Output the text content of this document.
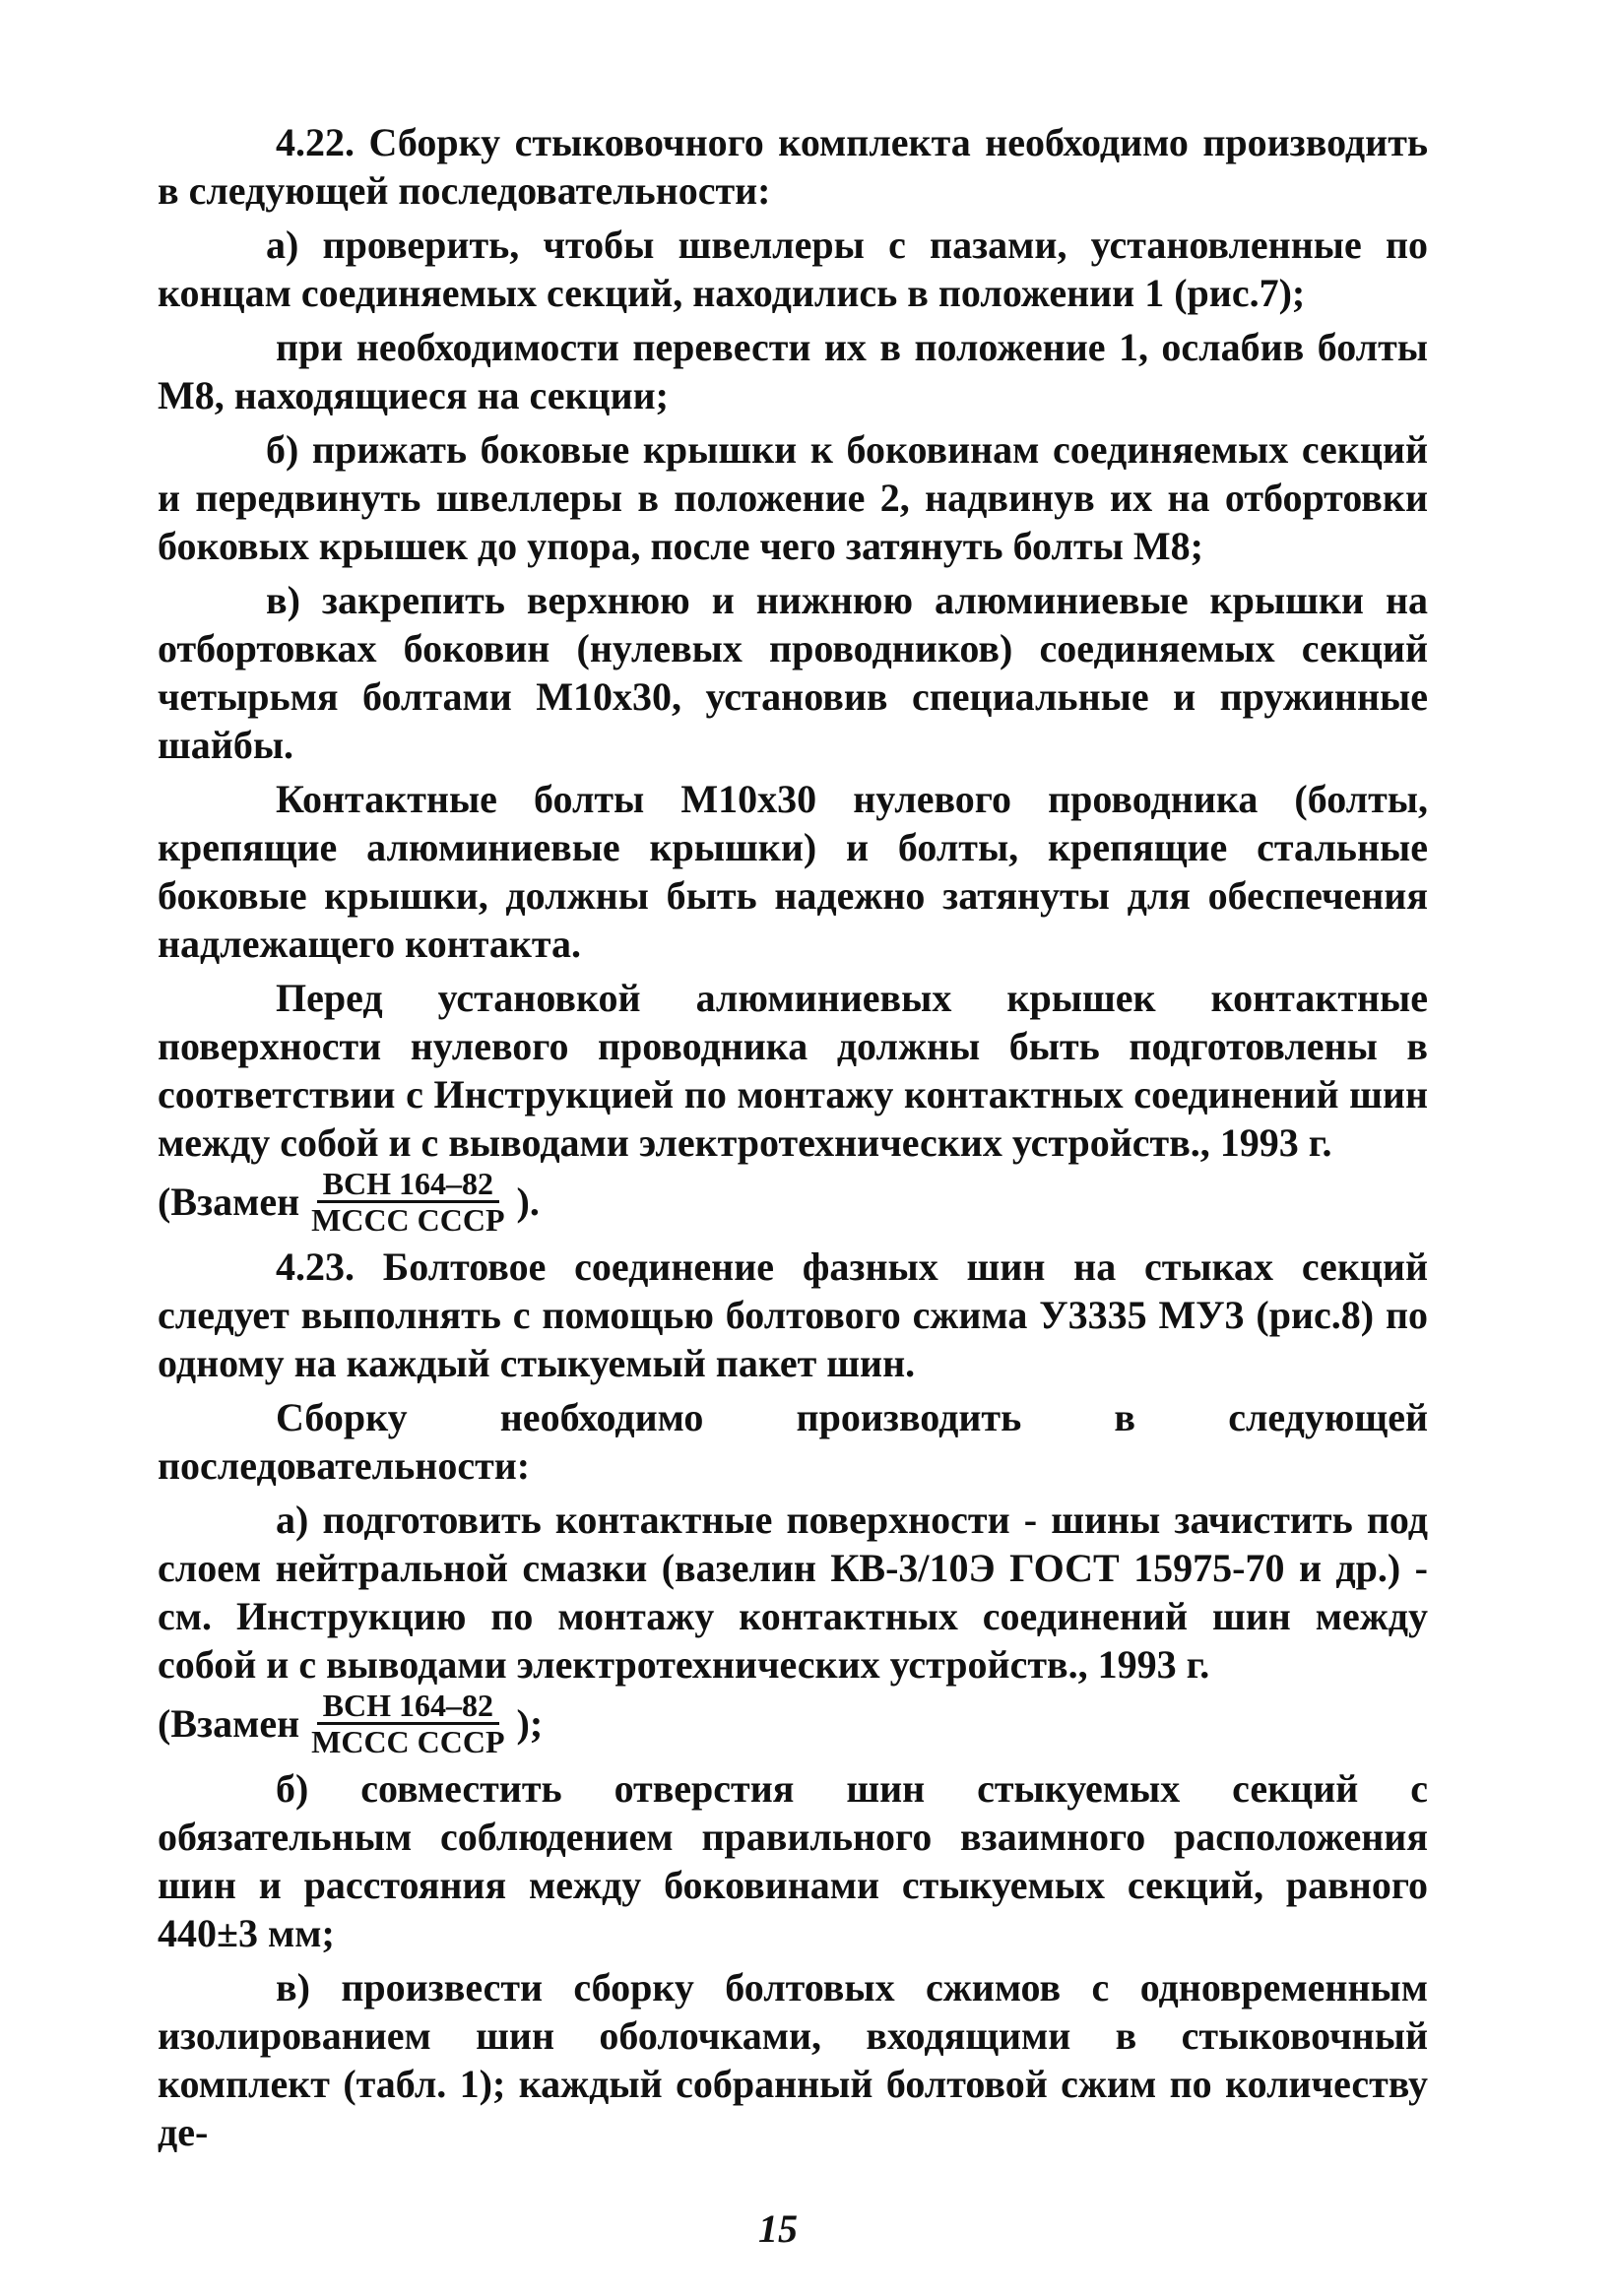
4.22. Сборку стыковочного комплекта необходимо производить в следующей последовательности:

а) проверить, чтобы швеллеры с пазами, установленные по концам соединяемых секций, находились в положении 1 (рис.7);

при необходимости перевести их в положение 1, ослабив болты М8, находящиеся на секции;

б) прижать боковые крышки к боковинам соединяемых секций и передвинуть швеллеры в положение 2, надвинув их на отбортовки боковых крышек до упора, после чего затянуть болты М8;

в) закрепить верхнюю и нижнюю алюминиевые крышки на отбортовках боковин (нулевых проводников) соединяемых секций четырьмя болтами М10х30, установив специальные и пружинные шайбы.

Контактные болты М10х30 нулевого проводника (болты, крепящие алюминиевые крышки) и болты, крепящие стальные боковые крышки, должны быть надежно затянуты для обеспечения надлежащего контакта.

Перед установкой алюминиевых крышек контактные поверхности нулевого проводника должны быть подготовлены в соответствии с Инструкцией по монтажу контактных соединений шин между собой и с выводами электротехнических устройств., 1993 г.

(Взамен $\frac{\text{ВСН 164–82}}{\text{МССС СССР}}$ ).

4.23. Болтовое соединение фазных шин на стыках секций следует выполнять с помощью болтового сжима У3335 МУ3 (рис.8) по одному на каждый стыкуемый пакет шин.

Сборку необходимо производить в следующей последовательности:

а) подготовить контактные поверхности - шины зачистить под слоем нейтральной смазки (вазелин КВ-3/10Э ГОСТ 15975-70 и др.) - см. Инструкцию по монтажу контактных соединений шин между собой и с выводами электротехнических устройств., 1993 г.

(Взамен $\frac{\text{ВСН 164–82}}{\text{МССС СССР}}$ );

б) совместить отверстия шин стыкуемых секций с обязательным соблюдением правильного взаимного расположения шин и расстояния между боковинами стыкуемых секций, равного 440±3 мм;

в) произвести сборку болтовых сжимов с одновременным изолированием шин оболочками, входящими в стыковочный комплект (табл. 1); каждый собранный болтовой сжим по количеству де-

15
